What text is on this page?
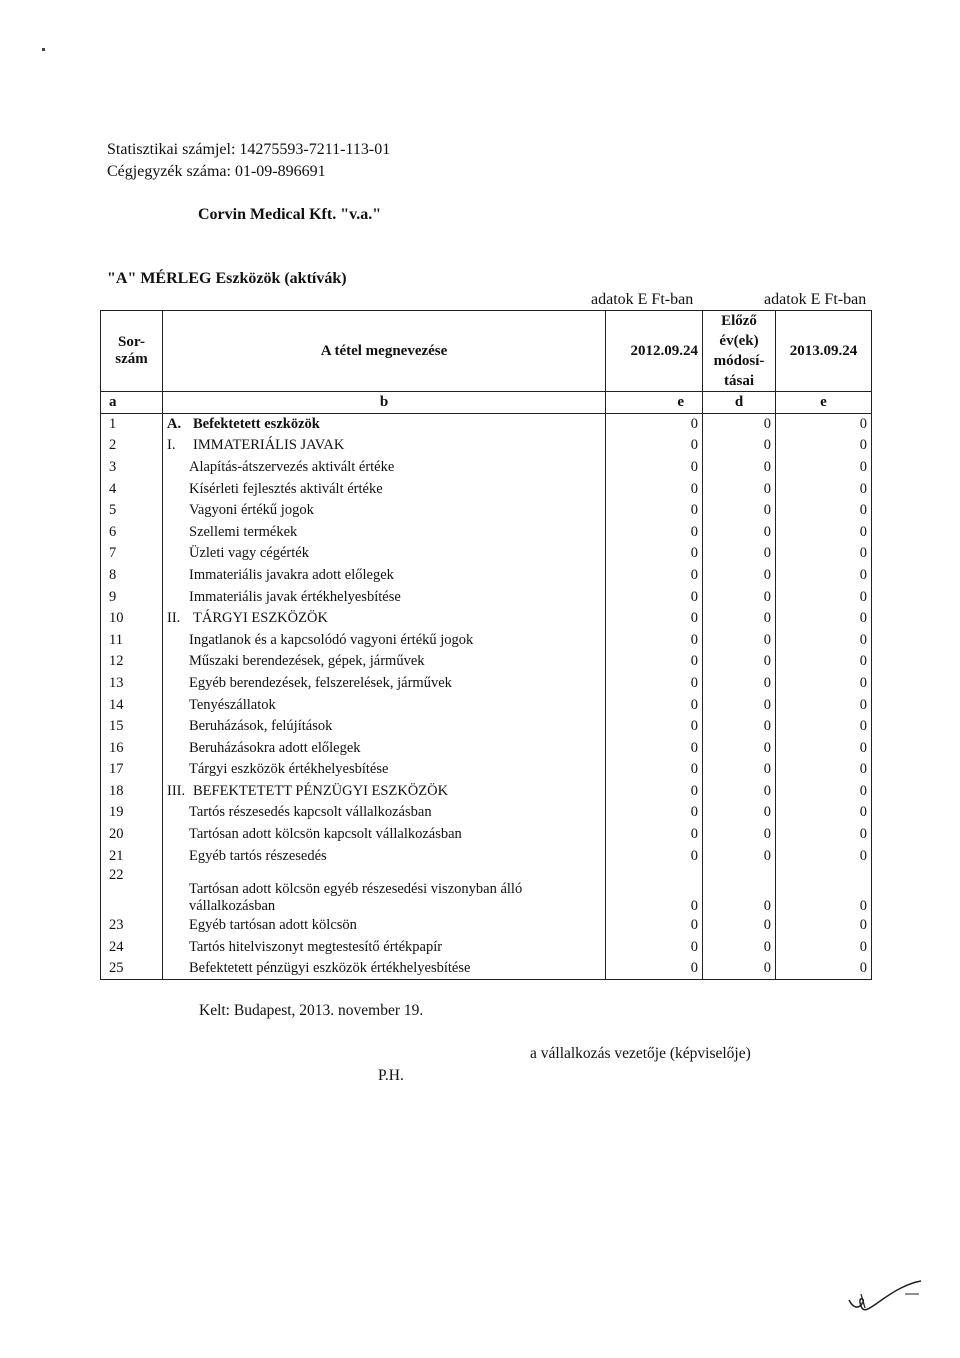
Statisztikai számjel: 14275593-7211-113-01
Cégjegyzék száma: 01-09-896691
Corvin Medical Kft. "v.a."
"A" MÉRLEG Eszközök (aktívák)
adatok E Ft-ban	adatok E Ft-ban
Sor-szám	A tétel megnevezése	2012.09.24	Előző év(ek) módosí-tásai	2013.09.24
a	b	e	d	e
1	A. Befektetett eszközök	0	0	0
2	I. IMMATERIÁLIS JAVAK	0	0	0
3	Alapítás-átszervezés aktivált értéke	0	0	0
4	Kísérleti fejlesztés aktivált értéke	0	0	0
5	Vagyoni értékű jogok	0	0	0
6	Szellemi termékek	0	0	0
7	Üzleti vagy cégérték	0	0	0
8	Immateriális javakra adott előlegek	0	0	0
9	Immateriális javak értékhelyesbítése	0	0	0
10	II. TÁRGYI ESZKÖZÖK	0	0	0
11	Ingatlanok és a kapcsolódó vagyoni értékű jogok	0	0	0
12	Műszaki berendezések, gépek, járművek	0	0	0
13	Egyéb berendezések, felszerelések, járművek	0	0	0
14	Tenyészállatok	0	0	0
15	Beruházások, felújítások	0	0	0
16	Beruházásokra adott előlegek	0	0	0
17	Tárgyi eszközök értékhelyesbítése	0	0	0
18	III. BEFEKTETETT PÉNZÜGYI ESZKÖZÖK	0	0	0
19	Tartós részesedés kapcsolt vállalkozásban	0	0	0
20	Tartósan adott kölcsön kapcsolt vállalkozásban	0	0	0
21	Egyéb tartós részesedés	0	0	0
22	Tartósan adott kölcsön egyéb részesedési viszonyban álló
vállalkozásban	0	0	0
23	Egyéb tartósan adott kölcsön	0	0	0
24	Tartós hitelviszonyt megtestesítő értékpapír	0	0	0
25	Befektetett pénzügyi eszközök értékhelyesbítése	0	0	0
Kelt: Budapest, 2013. november 19.
P.H.
a vállalkozás vezetője (képviselője)
